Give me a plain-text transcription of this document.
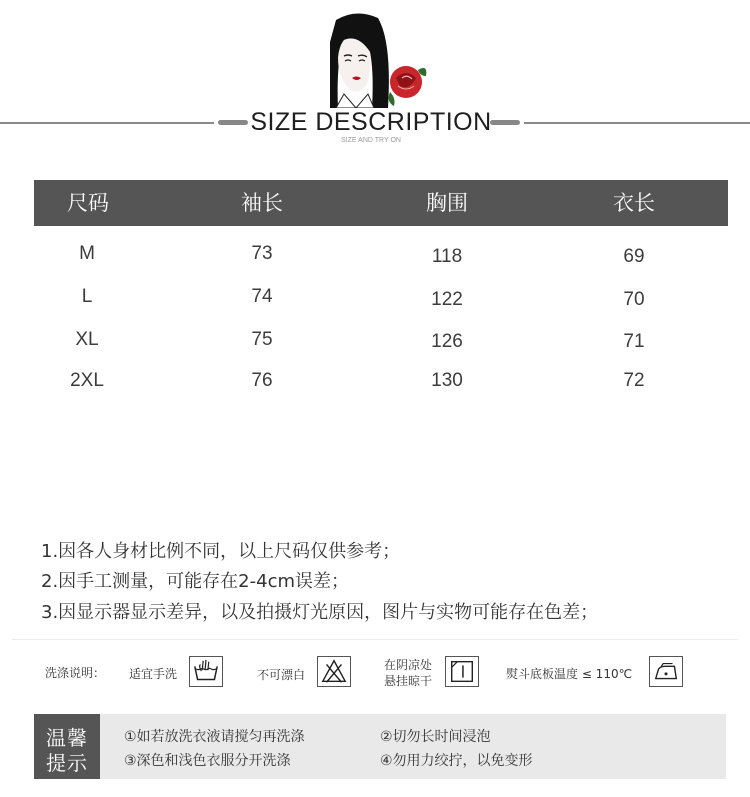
SIZE DESCRIPTION
SIZE AND TRY ON
尺码	袖长	胸围	衣长
M	73	118	69
L	74	122	70
XL	75	126	71
2XL	76	130	72
1.因各人身材比例不同，以上尺码仅供参考；
2.因手工测量，可能存在2-4cm误差；
3.因显示器显示差异，以及拍摄灯光原因，图片与实物可能存在色差；
洗涤说明： 适宜手洗	不可漂白
在阴凉处
悬挂晾干	熨斗底板温度 ≤ 110℃
温馨
提示
①如若放洗衣液请搅匀再洗涤	②切勿长时间浸泡
③深色和浅色衣服分开洗涤	④勿用力绞拧，以免变形
